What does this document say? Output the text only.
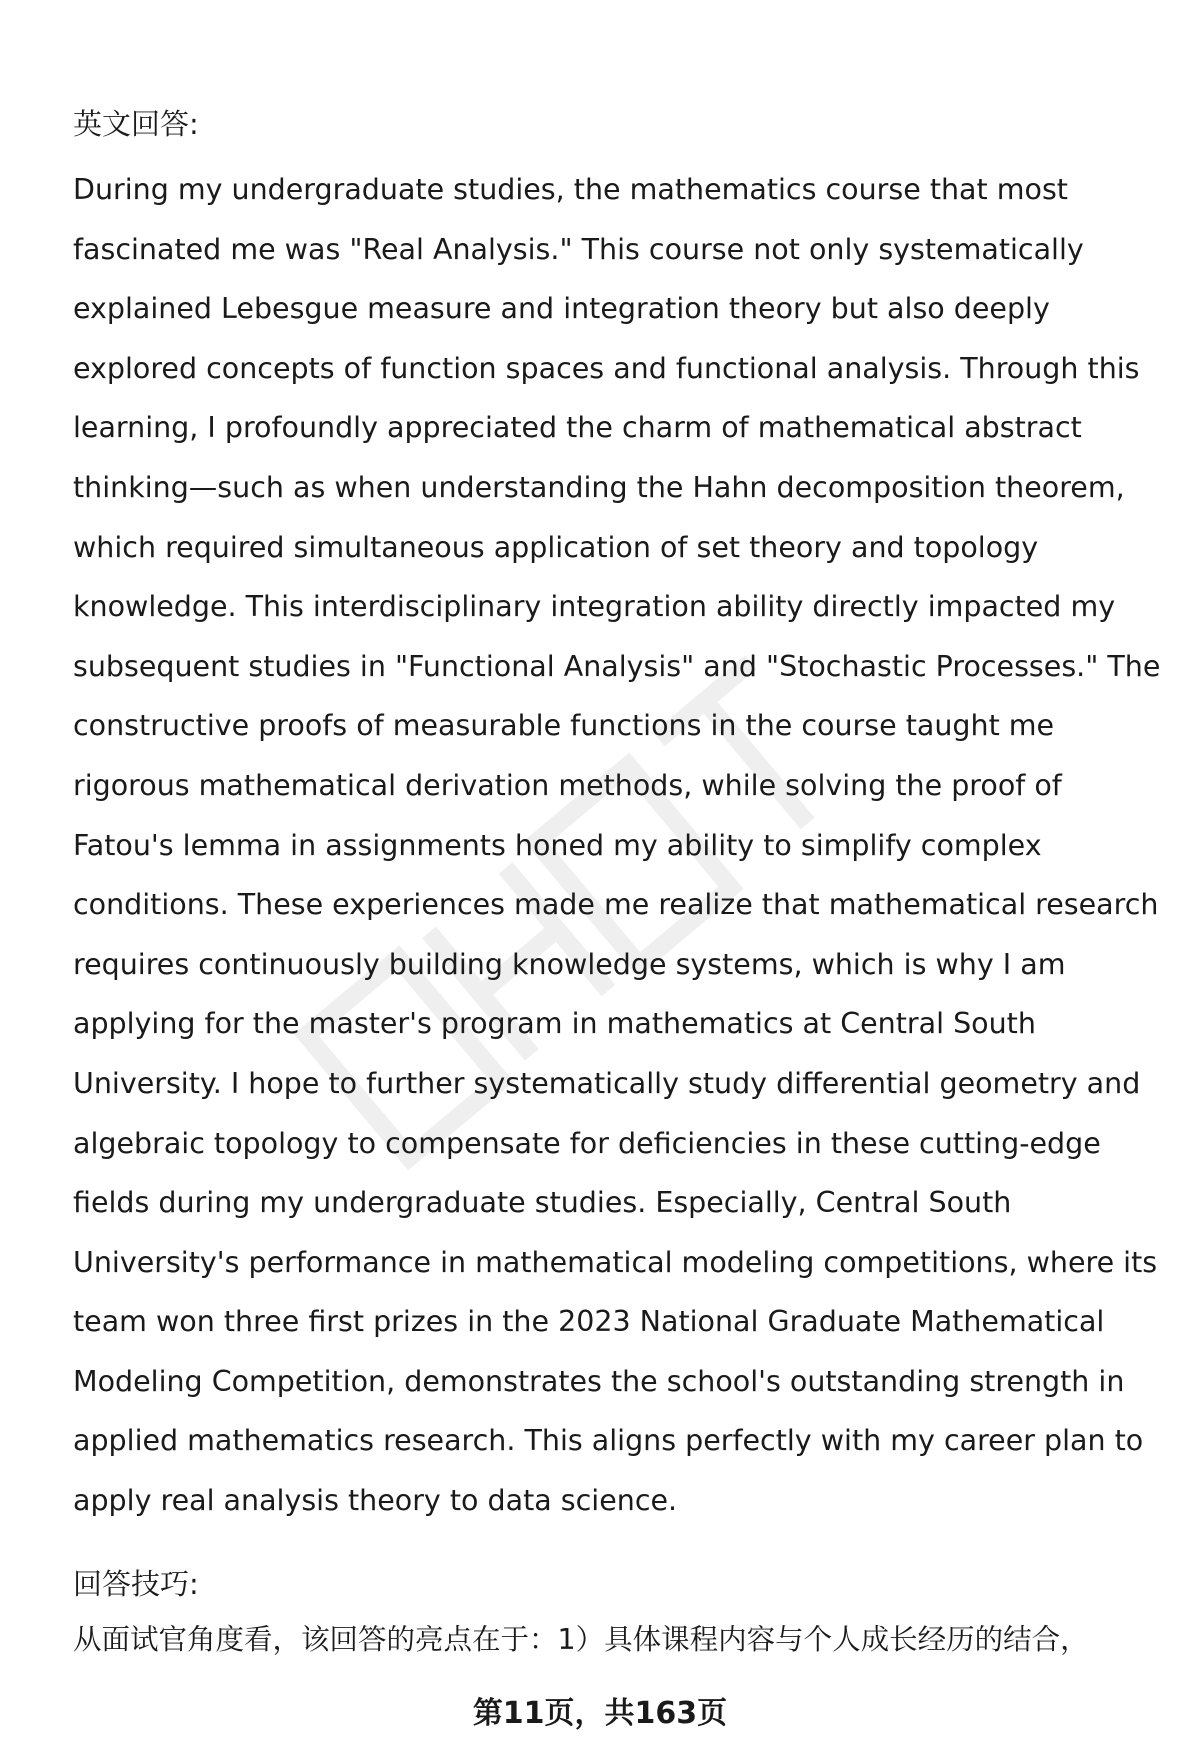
英文回答:

During my undergraduate studies, the mathematics course that most
fascinated me was "Real Analysis." This course not only systematically
explained Lebesgue measure and integration theory but also deeply
explored concepts of function spaces and functional analysis. Through this
learning, I profoundly appreciated the charm of mathematical abstract
thinking—such as when understanding the Hahn decomposition theorem,
which required simultaneous application of set theory and topology
knowledge. This interdisciplinary integration ability directly impacted my
subsequent studies in "Functional Analysis" and "Stochastic Processes." The
constructive proofs of measurable functions in the course taught me
rigorous mathematical derivation methods, while solving the proof of
Fatou's lemma in assignments honed my ability to simplify complex
conditions. These experiences made me realize that mathematical research
requires continuously building knowledge systems, which is why I am
applying for the master's program in mathematics at Central South
University. I hope to further systematically study differential geometry and
algebraic topology to compensate for deficiencies in these cutting-edge
fields during my undergraduate studies. Especially, Central South
University's performance in mathematical modeling competitions, where its
team won three first prizes in the 2023 National Graduate Mathematical
Modeling Competition, demonstrates the school's outstanding strength in
applied mathematics research. This aligns perfectly with my career plan to
apply real analysis theory to data science.
回答技巧:
从面试官角度看，该回答的亮点在于：1）具体课程内容与个人成长经历的结合，
第11页，共163页
